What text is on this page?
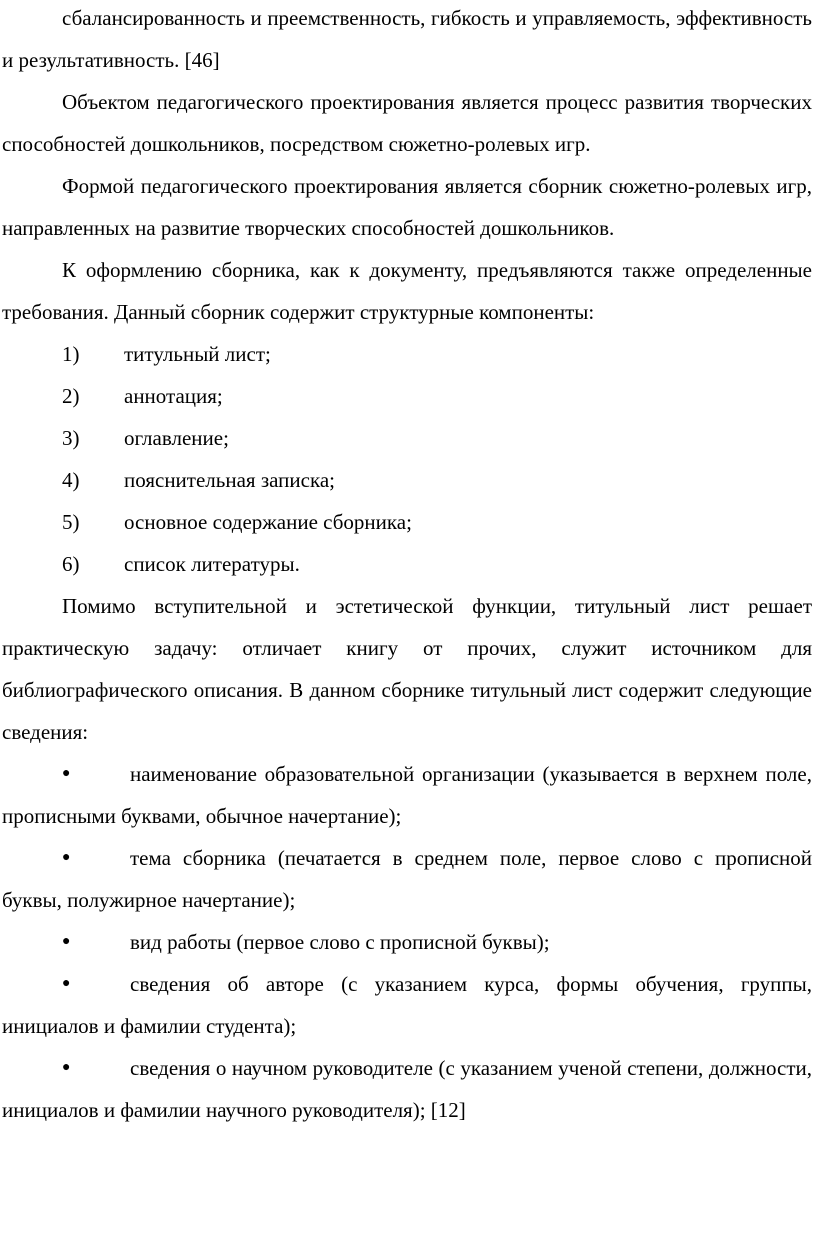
сбалансированность и преемственность, гибкость и управляемость, эффективность и результативность. [46]

Объектом педагогического проектирования является процесс развития творческих способностей дошкольников, посредством сюжетно-ролевых игр.

Формой педагогического проектирования является сборник сюжетно-ролевых игр, направленных на развитие творческих способностей дошкольников.

К оформлению сборника, как к документу, предъявляются также определенные требования. Данный сборник содержит структурные компоненты:

1)	титульный лист;
2)	аннотация;
3)	оглавление;
4)	пояснительная записка;
5)	основное содержание сборника;
6)	список литературы.

Помимо вступительной и эстетической функции, титульный лист решает практическую задачу: отличает книгу от прочих, служит источником для библиографического описания. В данном сборнике титульный лист содержит следующие сведения:

●	наименование образовательной организации (указывается в верхнем поле, прописными буквами, обычное начертание);

●	тема сборника (печатается в среднем поле, первое слово с прописной буквы, полужирное начертание);

●	вид работы (первое слово с прописной буквы);

●	сведения об авторе (с указанием курса, формы обучения, группы, инициалов и фамилии студента);

●	сведения о научном руководителе (с указанием ученой степени, должности, инициалов и фамилии научного руководителя); [12]
